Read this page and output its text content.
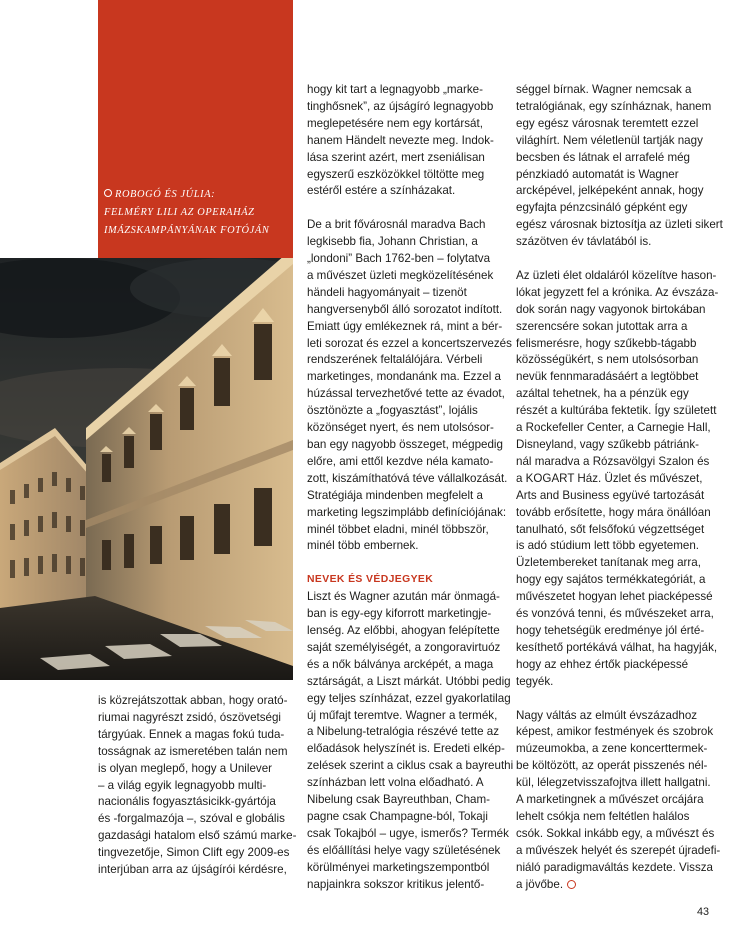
ROBOGÓ ÉS JÚLIA:
FELMÉRY LILI AZ OPERAHÁZ
IMÁZSKAMPÁNYÁNAK FOTÓJÁN

is közrejátszottak abban, hogy orató-

riumai nagyrészt zsidó, ószövetségi

tárgyúak. Ennek a magas fokú tuda-

tosságnak az ismeretében talán nem

is olyan meglepő, hogy a Unilever

– a világ egyik legnagyobb multi-

nacionális fogyasztásicikk-gyártója

és -forgalmazója –, szóval e globális

gazdasági hatalom első számú marke-

tingvezetője, Simon Clift egy 2009-es

interjúban arra az újságírói kérdésre,

hogy kit tart a legnagyobb „marke-

tinghősnek”, az újságíró legnagyobb

meglepetésére nem egy kortársát,

hanem Händelt nevezte meg. Indok-

lása szerint azért, mert zseniálisan

egyszerű eszközökkel töltötte meg

estéről estére a színházakat.

De a brit fővárosnál maradva Bach

legkisebb fia, Johann Christian, a

„londoni” Bach 1762-ben – folytatva

a művészet üzleti megközelítésének

händeli hagyományait – tizenöt

hangversenyből álló sorozatot indított.

Emiatt úgy emlékeznek rá, mint a bér-

leti sorozat és ezzel a koncertszervezés

rendszerének feltalálójára. Vérbeli

marketinges, mondanánk ma. Ezzel a

húzással tervezhetővé tette az évadot,

ösztönözte a „fogyasztást”, lojális

közönséget nyert, és nem utolsósor-

ban egy nagyobb összeget, mégpedig

előre, ami ettől kezdve néla kamato-

zott, kiszámíthatóvá téve vállalkozását.

Stratégiája mindenben megfelelt a

marketing legszimplább definíciójának:

minél többet eladni, minél többször,

minél több embernek.

NEVEK ÉS VÉDJEGYEK

Liszt és Wagner azután már önmagá-

ban is egy-egy kiforrott marketingje-

lenség. Az előbbi, ahogyan felépítette

saját személyiségét, a zongoravirtuóz

és a nők bálványa arcképét, a maga

sztárságát, a Liszt márkát. Utóbbi pedig

egy teljes színházat, ezzel gyakorlatilag

új műfajt teremtve. Wagner a termék,

a Nibelung-tetralógia részévé tette az

előadások helyszínét is. Eredeti elkép-

zelések szerint a ciklus csak a bayreuthi

színházban lett volna előadható. A

Nibelung csak Bayreuthban, Cham-

pagne csak Champagne-ból, Tokaji

csak Tokajból – ugye, ismerős? Termék

és előállítási helye vagy születésének

körülményei marketingszempontból

napjainkra sokszor kritikus jelentő-

séggel bírnak. Wagner nemcsak a

tetralógiának, egy színháznak, hanem

egy egész városnak teremtett ezzel

világhírt. Nem véletlenül tartják nagy

becsben és látnak el arrafelé még

pénzkiadó automatát is Wagner

arcképével, jelképeként annak, hogy

egyfajta pénzcsináló gépként egy

egész városnak biztosítja az üzleti sikert

százötven év távlatából is.

Az üzleti élet oldaláról közelítve hason-

lókat jegyzett fel a krónika. Az évszáza-

dok során nagy vagyonok birtokában

szerencsére sokan jutottak arra a

felismerésre, hogy szűkebb-tágabb

közösségükért, s nem utolsósorban

nevük fennmaradásáért a legtöbbet

azáltal tehetnek, ha a pénzük egy

részét a kultúrába fektetik. Így született

a Rockefeller Center, a Carnegie Hall,

Disneyland, vagy szűkebb pátriánk-

nál maradva a Rózsavölgyi Szalon és

a KOGART Ház. Üzlet és művészet,

Arts and Business együvé tartozását

tovább erősítette, hogy mára önállóan

tanulható, sőt felsőfokú végzettséget

is adó stúdium lett több egyetemen.

Üzletembereket tanítanak meg arra,

hogy egy sajátos termékkategóriát, a

művészetet hogyan lehet piacképessé

és vonzóvá tenni, és művészeket arra,

hogy tehetségük eredménye jól érté-

kesíthető portékává válhat, ha hagyják,

hogy az ehhez értők piacképessé

tegyék.

Nagy váltás az elmúlt évszázadhoz

képest, amikor festmények és szobrok

múzeumokba, a zene koncerttermek-

be költözött, az operát pisszenés nél-

kül, lélegzetvisszafojtva illett hallgatni.

A marketingnek a művészet orcájára

lehelt csókja nem feltétlen halálos

csók. Sokkal inkább egy, a művészt és

a művészek helyét és szerepét újradefi-

niáló paradigmaváltás kezdete. Vissza

a jövőbe.

43
